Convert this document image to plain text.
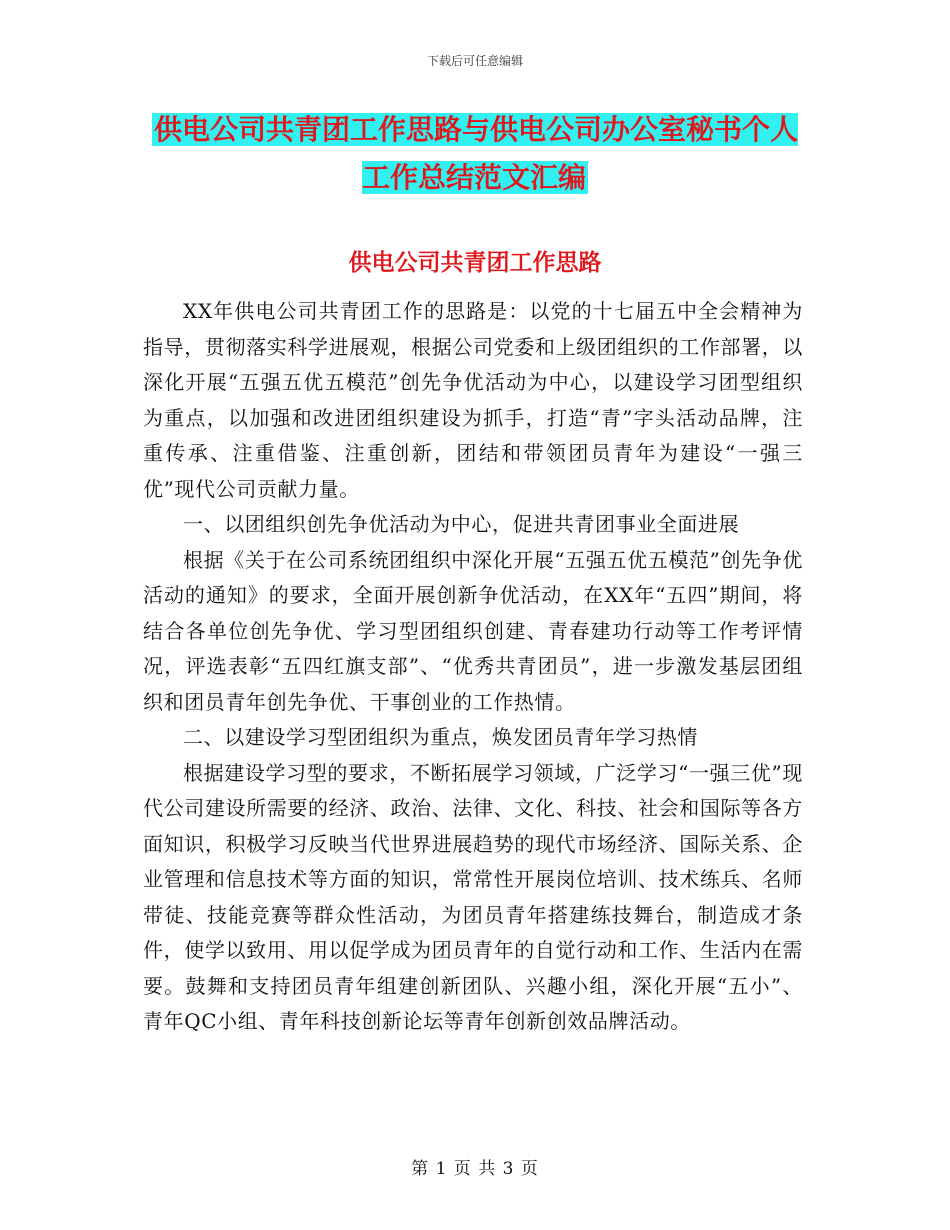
下载后可任意编辑
供电公司共青团工作思路与供电公司办公室秘书个人工作总结范文汇编
供电公司共青团工作思路

XX年供电公司共青团工作的思路是：以党的十七届五中全会精神为指导，贯彻落实科学进展观，根据公司党委和上级团组织的工作部署，以深化开展“五强五优五模范”创先争优活动为中心，以建设学习团型组织为重点，以加强和改进团组织建设为抓手，打造“青”字头活动品牌，注重传承、注重借鉴、注重创新，团结和带领团员青年为建设“一强三优”现代公司贡献力量。

一、以团组织创先争优活动为中心，促进共青团事业全面进展

根据《关于在公司系统团组织中深化开展“五强五优五模范”创先争优活动的通知》的要求，全面开展创新争优活动，在XX年“五四”期间，将结合各单位创先争优、学习型团组织创建、青春建功行动等工作考评情况，评选表彰“五四红旗支部”、“优秀共青团员”，进一步激发基层团组织和团员青年创先争优、干事创业的工作热情。

二、以建设学习型团组织为重点，焕发团员青年学习热情

根据建设学习型的要求，不断拓展学习领域，广泛学习“一强三优”现代公司建设所需要的经济、政治、法律、文化、科技、社会和国际等各方面知识，积极学习反映当代世界进展趋势的现代市场经济、国际关系、企业管理和信息技术等方面的知识，常常性开展岗位培训、技术练兵、名师带徒、技能竞赛等群众性活动，为团员青年搭建练技舞台，制造成才条件，使学以致用、用以促学成为团员青年的自觉行动和工作、生活内在需要。鼓舞和支持团员青年组建创新团队、兴趣小组，深化开展“五小”、青年QC小组、青年科技创新论坛等青年创新创效品牌活动。

第 1 页 共 3 页
